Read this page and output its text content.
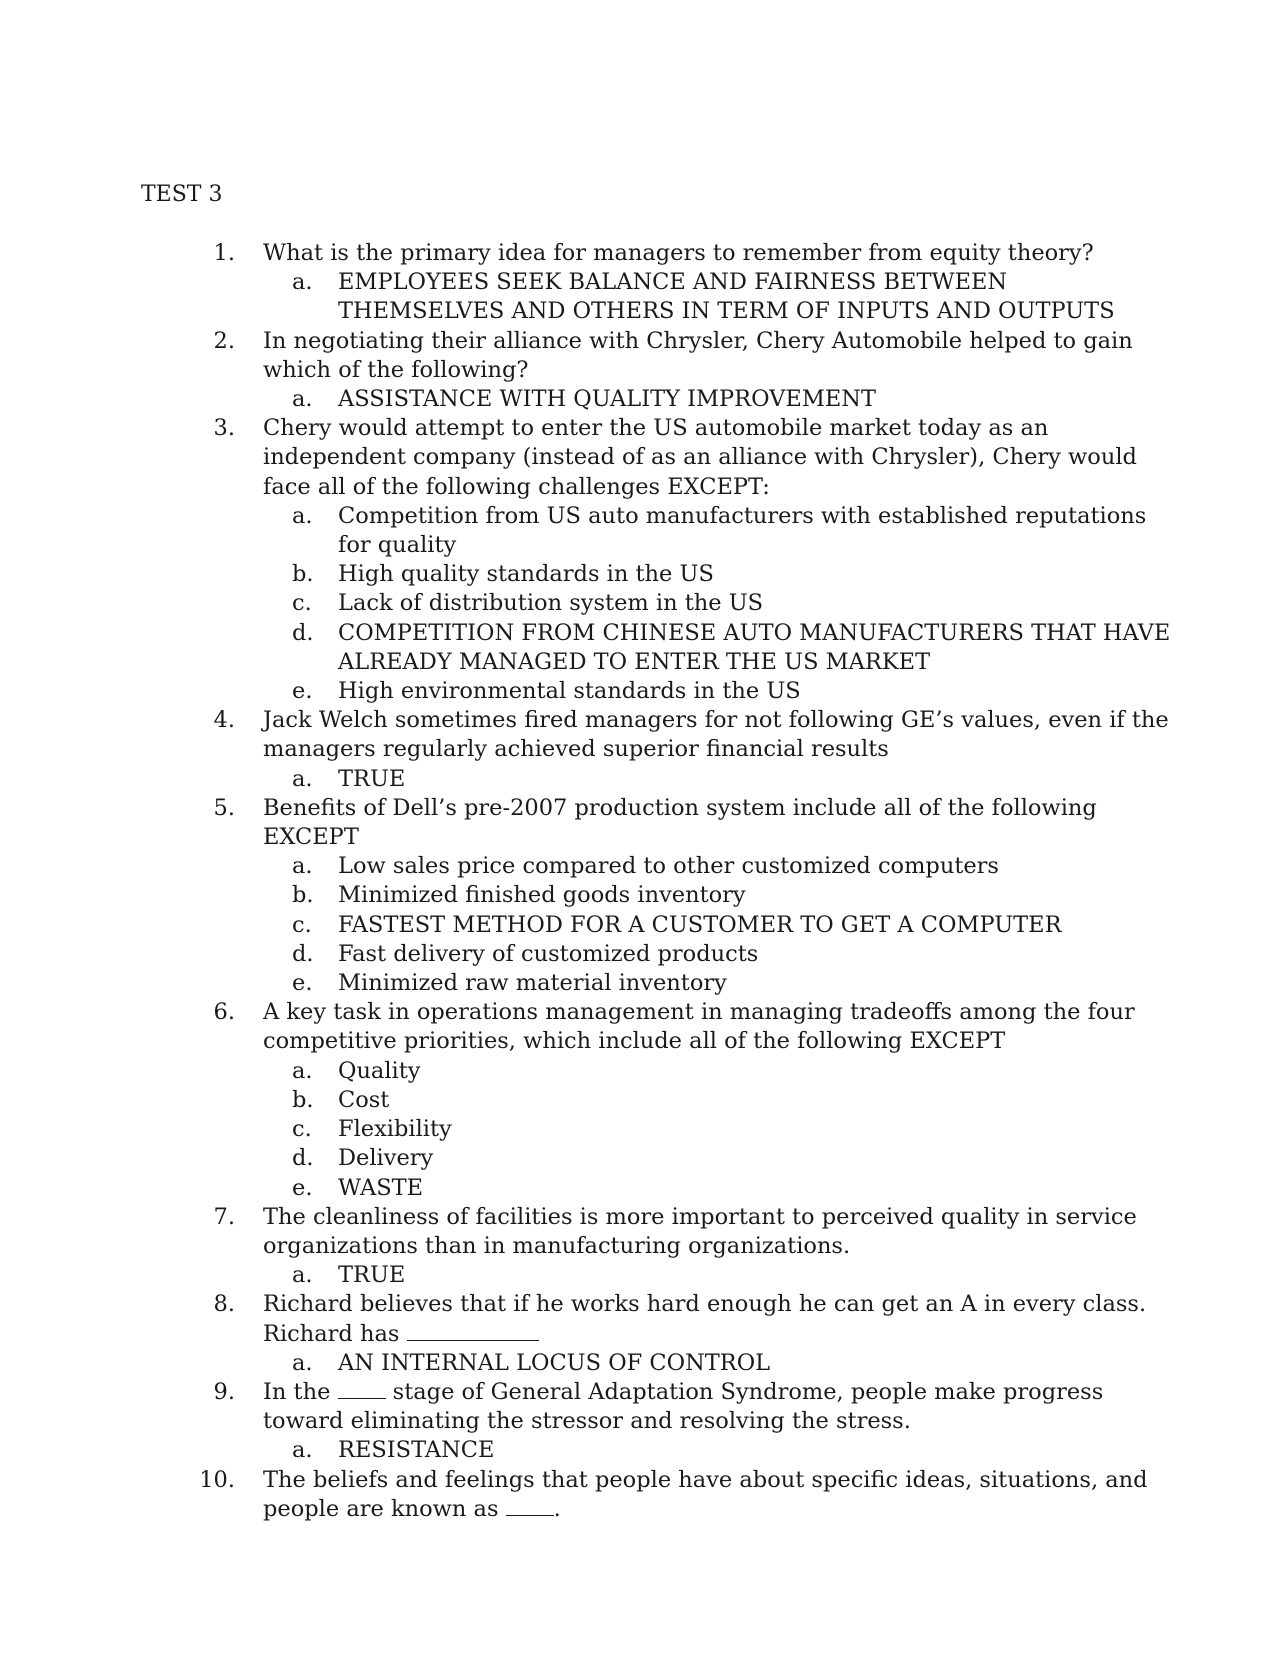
TEST 3
1. What is the primary idea for managers to remember from equity theory?
a. EMPLOYEES SEEK BALANCE AND FAIRNESS BETWEEN THEMSELVES AND OTHERS IN TERM OF INPUTS AND OUTPUTS
2. In negotiating their alliance with Chrysler, Chery Automobile helped to gain which of the following?
a. ASSISTANCE WITH QUALITY IMPROVEMENT
3. Chery would attempt to enter the US automobile market today as an independent company (instead of as an alliance with Chrysler), Chery would face all of the following challenges EXCEPT:
a. Competition from US auto manufacturers with established reputations for quality
b. High quality standards in the US
c. Lack of distribution system in the US
d. COMPETITION FROM CHINESE AUTO MANUFACTURERS THAT HAVE ALREADY MANAGED TO ENTER THE US MARKET
e. High environmental standards in the US
4. Jack Welch sometimes fired managers for not following GE’s values, even if the managers regularly achieved superior financial results
a. TRUE
5. Benefits of Dell’s pre-2007 production system include all of the following EXCEPT
a. Low sales price compared to other customized computers
b. Minimized finished goods inventory
c. FASTEST METHOD FOR A CUSTOMER TO GET A COMPUTER
d. Fast delivery of customized products
e. Minimized raw material inventory
6. A key task in operations management in managing tradeoffs among the four competitive priorities, which include all of the following EXCEPT
a. Quality
b. Cost
c. Flexibility
d. Delivery
e. WASTE
7. The cleanliness of facilities is more important to perceived quality in service organizations than in manufacturing organizations.
a. TRUE
8. Richard believes that if he works hard enough he can get an A in every class. Richard has
a. AN INTERNAL LOCUS OF CONTROL
9. In the  stage of General Adaptation Syndrome, people make progress toward eliminating the stressor and resolving the stress.
a. RESISTANCE
10. The beliefs and feelings that people have about specific ideas, situations, and people are known as .
